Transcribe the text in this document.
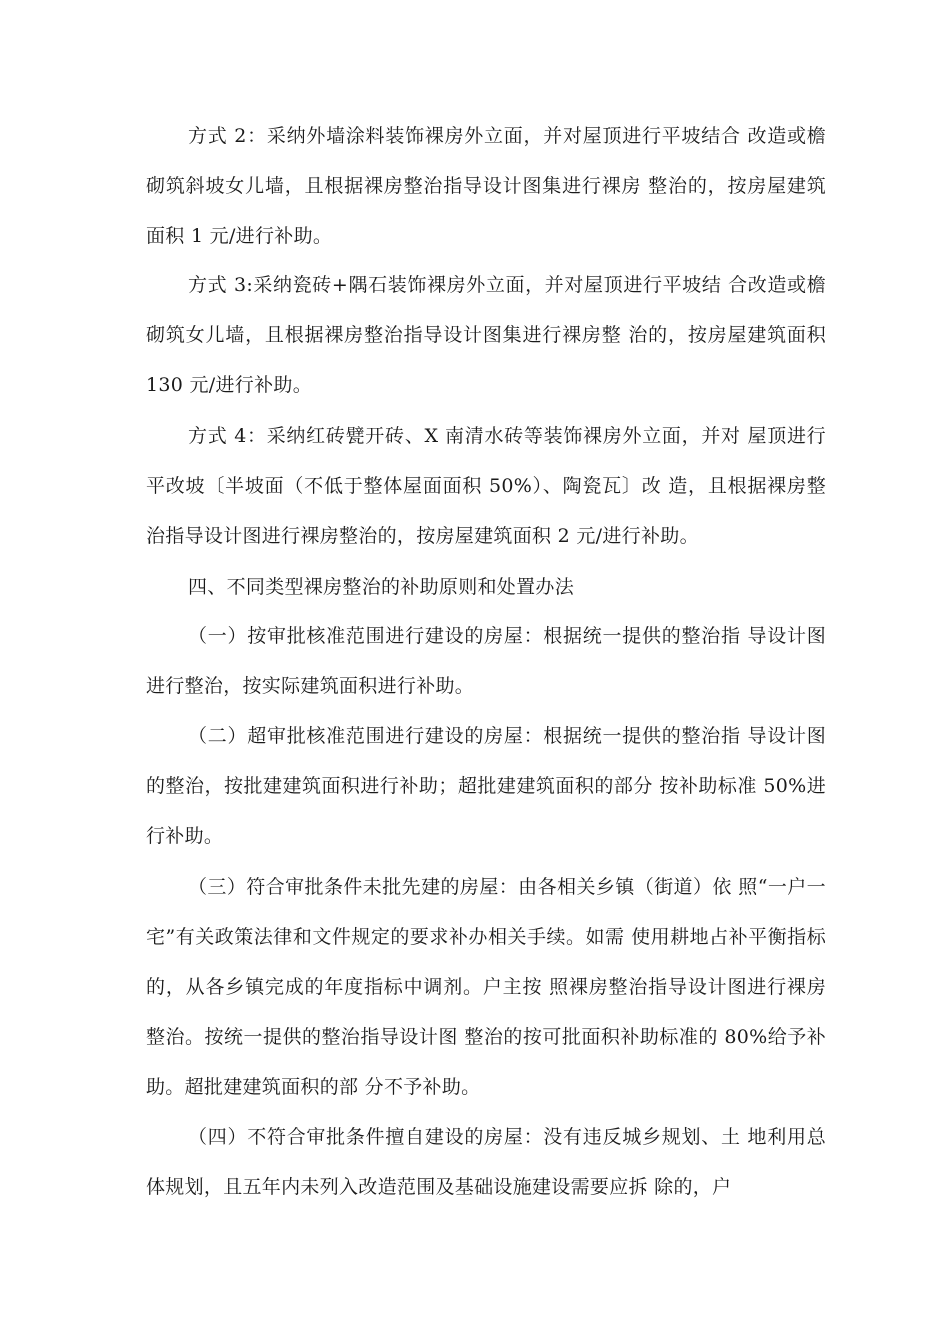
方式 2：采纳外墙涂料装饰裸房外立面，并对屋顶进行平坡结合 改造或檐砌筑斜坡女儿墙，且根据裸房整治指导设计图集进行裸房 整治的，按房屋建筑面积 1 元/进行补助。

方式 3:采纳瓷砖+隅石装饰裸房外立面，并对屋顶进行平坡结 合改造或檐砌筑女儿墙，且根据裸房整治指导设计图集进行裸房整 治的，按房屋建筑面积 130 元/进行补助。

方式 4：采纳红砖甓开砖、X 南清水砖等装饰裸房外立面，并对 屋顶进行平改坡〔半坡面（不低于整体屋面面积 50%）、陶瓷瓦〕改 造，且根据裸房整治指导设计图进行裸房整治的，按房屋建筑面积 2 元/进行补助。

四、不同类型裸房整治的补助原则和处置办法

（一）按审批核准范围进行建设的房屋：根据统一提供的整治指 导设计图进行整治，按实际建筑面积进行补助。

（二）超审批核准范围进行建设的房屋：根据统一提供的整治指 导设计图的整治，按批建建筑面积进行补助；超批建建筑面积的部分 按补助标准 50%进行补助。

（三）符合审批条件未批先建的房屋：由各相关乡镇（街道）依 照“一户一宅”有关政策法律和文件规定的要求补办相关手续。如需 使用耕地占补平衡指标的，从各乡镇完成的年度指标中调剂。户主按 照裸房整治指导设计图进行裸房整治。按统一提供的整治指导设计图 整治的按可批面积补助标准的 80%给予补助。超批建建筑面积的部 分不予补助。

（四）不符合审批条件擅自建设的房屋：没有违反城乡规划、土 地利用总体规划，且五年内未列入改造范围及基础设施建设需要应拆 除的，户
